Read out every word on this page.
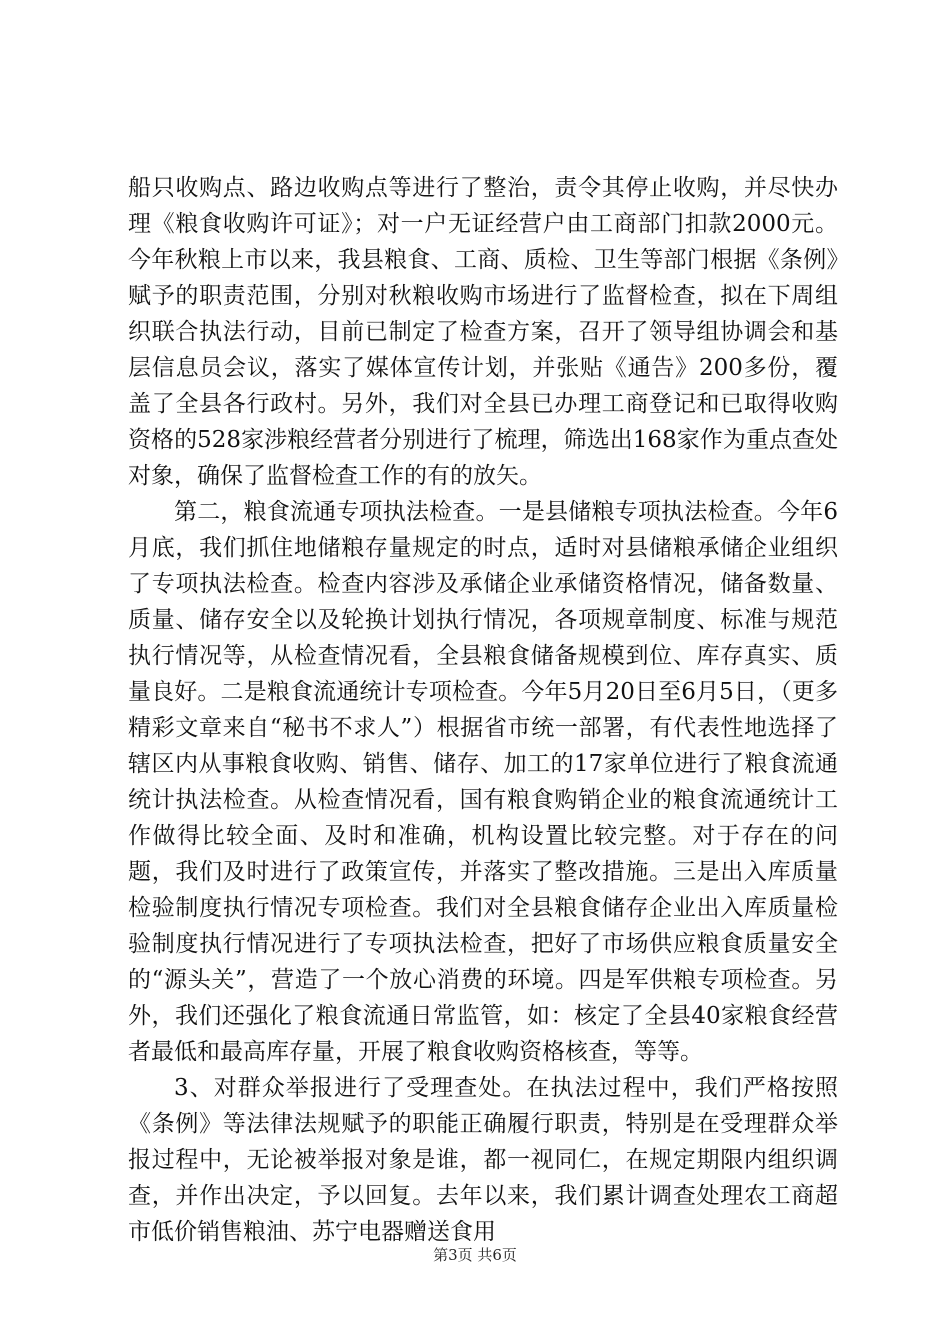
船只收购点、路边收购点等进行了整治，责令其停止收购，并尽快办理《粮食收购许可证》；对一户无证经营户由工商部门扣款2000元。今年秋粮上市以来，我县粮食、工商、质检、卫生等部门根据《条例》赋予的职责范围，分别对秋粮收购市场进行了监督检查，拟在下周组织联合执法行动，目前已制定了检查方案，召开了领导组协调会和基层信息员会议，落实了媒体宣传计划，并张贴《通告》200多份，覆盖了全县各行政村。另外，我们对全县已办理工商登记和已取得收购资格的528家涉粮经营者分别进行了梳理，筛选出168家作为重点查处对象，确保了监督检查工作的有的放矢。

第二，粮食流通专项执法检查。一是县储粮专项执法检查。今年6月底，我们抓住地储粮存量规定的时点，适时对县储粮承储企业组织了专项执法检查。检查内容涉及承储企业承储资格情况，储备数量、质量、储存安全以及轮换计划执行情况，各项规章制度、标准与规范执行情况等，从检查情况看，全县粮食储备规模到位、库存真实、质量良好。二是粮食流通统计专项检查。今年5月20日至6月5日，（更多精彩文章来自“秘书不求人”）根据省市统一部署，有代表性地选择了辖区内从事粮食收购、销售、储存、加工的17家单位进行了粮食流通统计执法检查。从检查情况看，国有粮食购销企业的粮食流通统计工作做得比较全面、及时和准确，机构设置比较完整。对于存在的问题，我们及时进行了政策宣传，并落实了整改措施。三是出入库质量检验制度执行情况专项检查。我们对全县粮食储存企业出入库质量检验制度执行情况进行了专项执法检查，把好了市场供应粮食质量安全的“源头关”，营造了一个放心消费的环境。四是军供粮专项检查。另外，我们还强化了粮食流通日常监管，如：核定了全县40家粮食经营者最低和最高库存量，开展了粮食收购资格核查，等等。

3、对群众举报进行了受理查处。在执法过程中，我们严格按照《条例》等法律法规赋予的职能正确履行职责，特别是在受理群众举报过程中，无论被举报对象是谁，都一视同仁，在规定期限内组织调查，并作出决定，予以回复。去年以来，我们累计调查处理农工商超市低价销售粮油、苏宁电器赠送食用

第3页 共6页
